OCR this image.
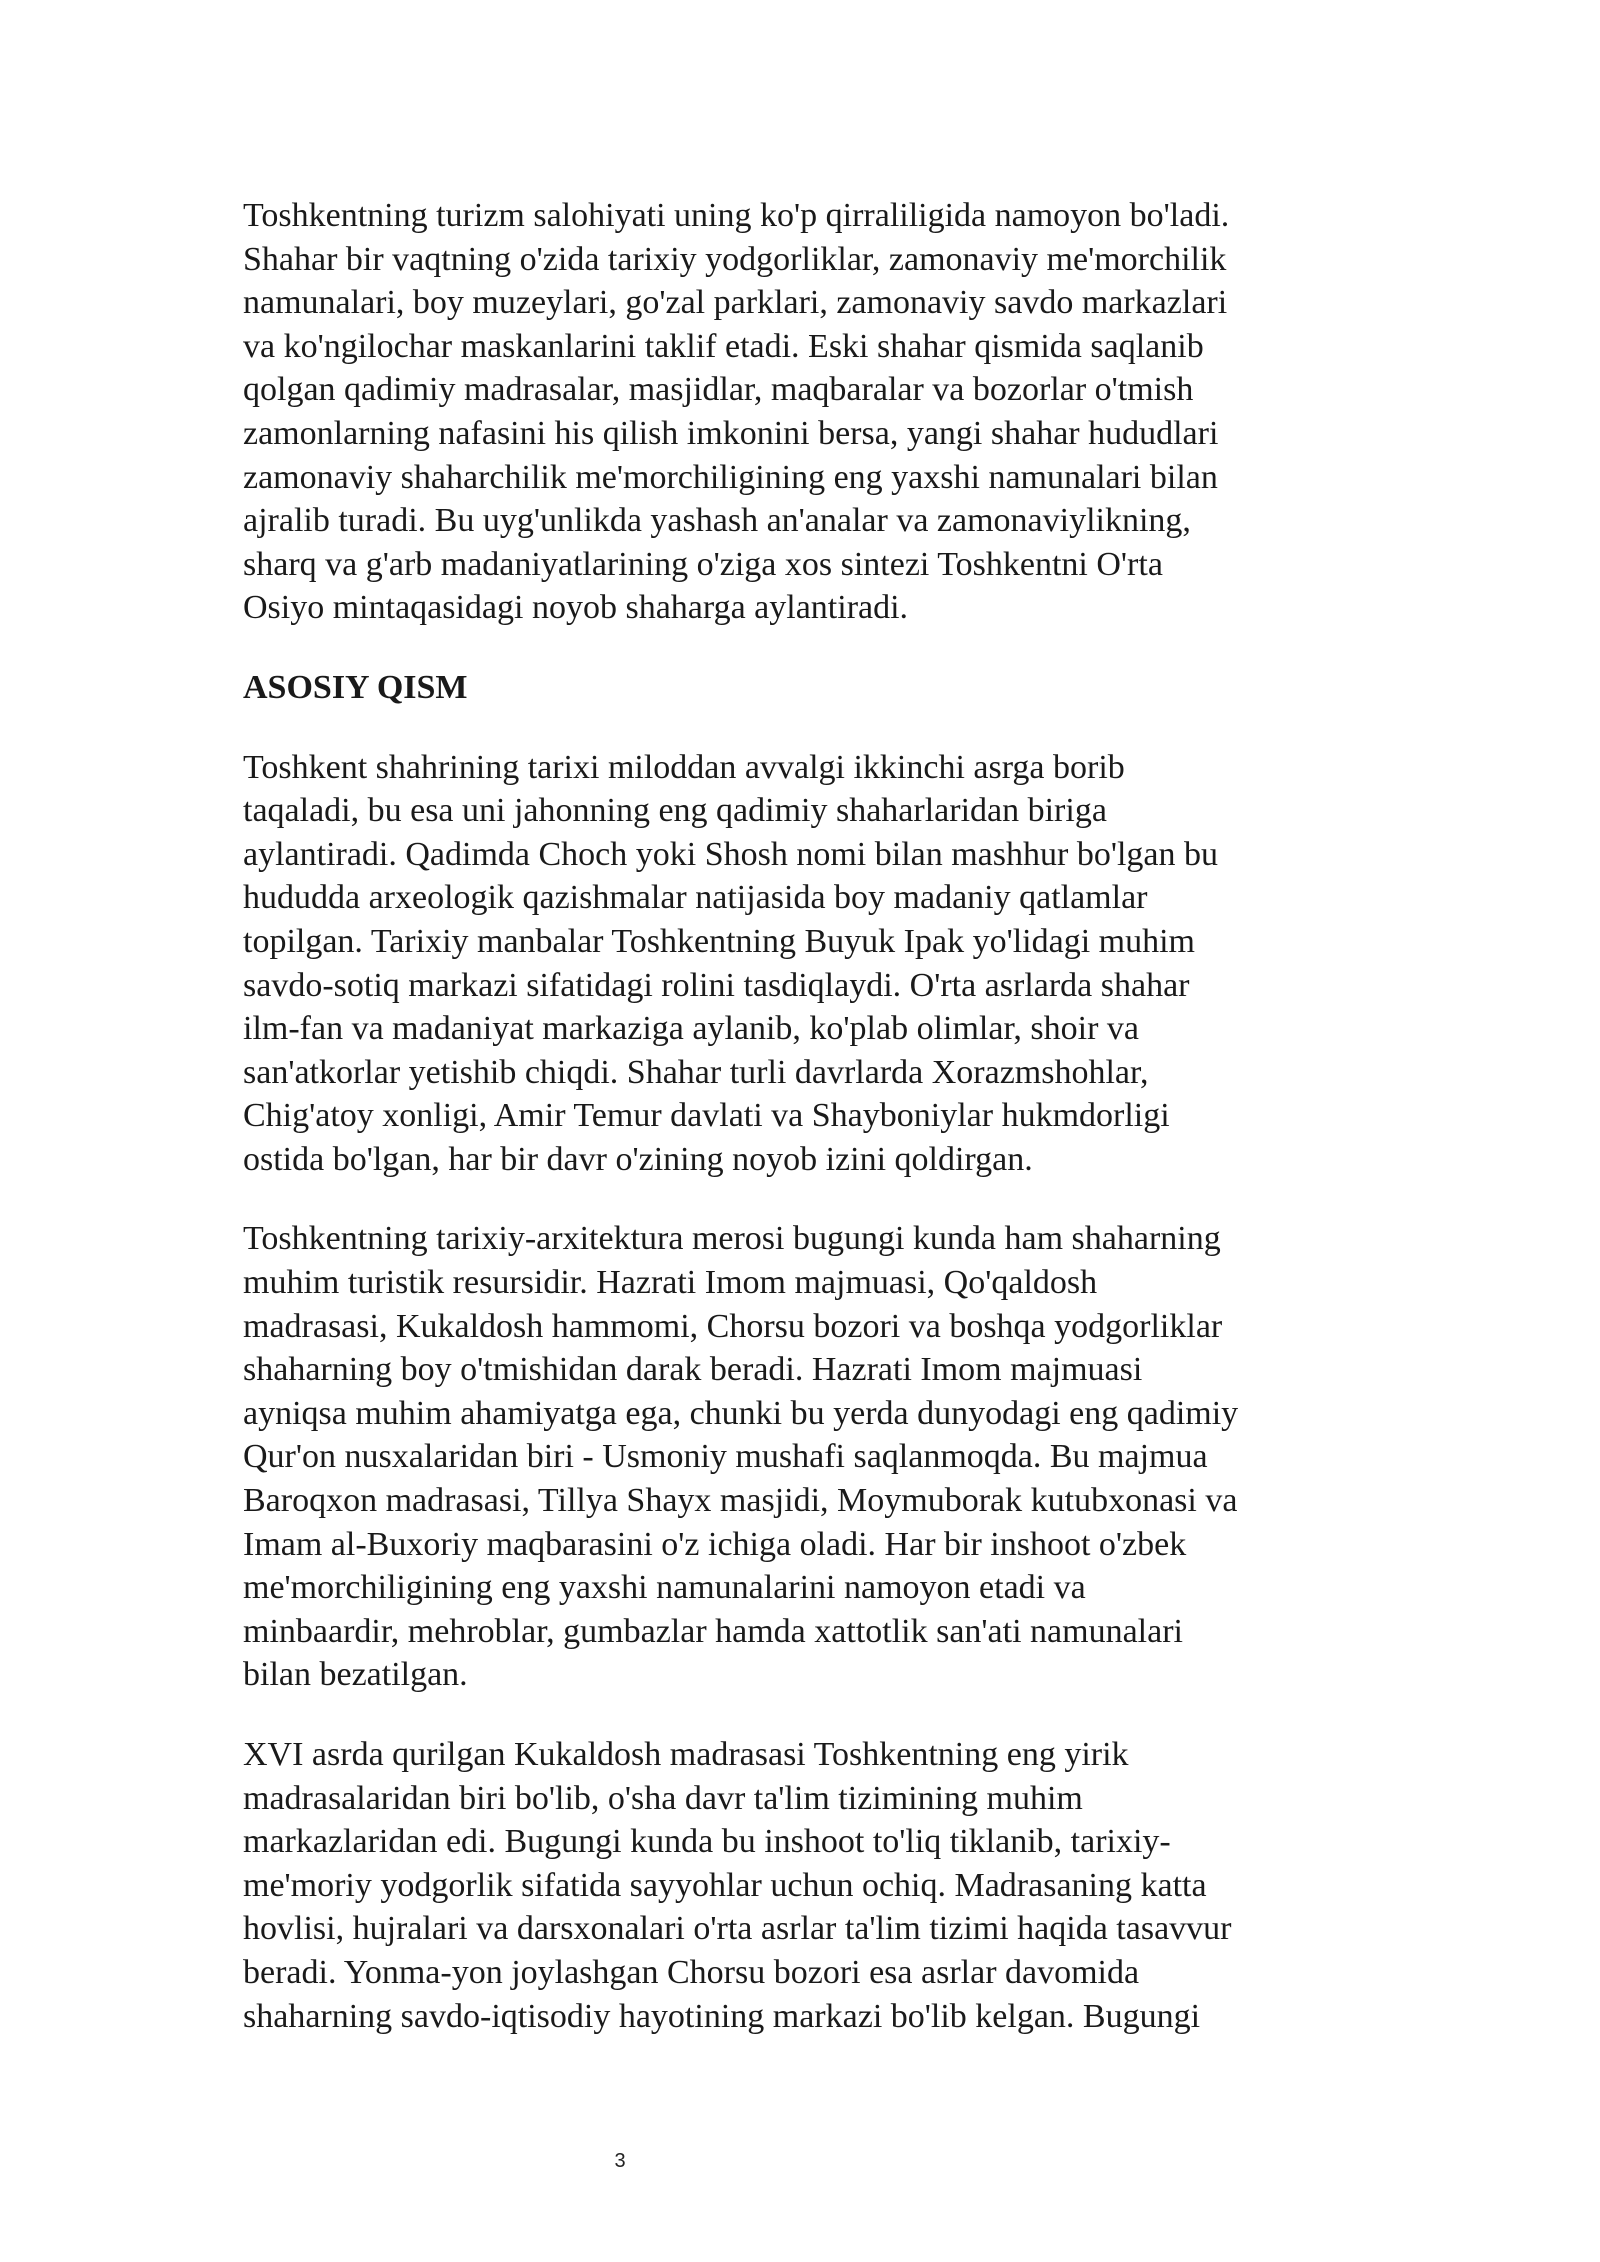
Toshkentning turizm salohiyati uning ko'p qirraliligida namoyon bo'ladi.
Shahar bir vaqtning o'zida tarixiy yodgorliklar, zamonaviy me'morchilik
namunalari, boy muzeylari, go'zal parklari, zamonaviy savdo markazlari
va ko'ngilochar maskanlarini taklif etadi. Eski shahar qismida saqlanib
qolgan qadimiy madrasalar, masjidlar, maqbaralar va bozorlar o'tmish
zamonlarning nafasini his qilish imkonini bersa, yangi shahar hududlari
zamonaviy shaharchilik me'morchiligining eng yaxshi namunalari bilan
ajralib turadi. Bu uyg'unlikda yashash an'analar va zamonaviylikning,
sharq va g'arb madaniyatlarining o'ziga xos sintezi Toshkentni O'rta
Osiyo mintaqasidagi noyob shaharga aylantiradi.

ASOSIY QISM

Toshkent shahrining tarixi miloddan avvalgi ikkinchi asrga borib
taqaladi, bu esa uni jahonning eng qadimiy shaharlaridan biriga
aylantiradi. Qadimda Choch yoki Shosh nomi bilan mashhur bo'lgan bu
hududda arxeologik qazishmalar natijasida boy madaniy qatlamlar
topilgan. Tarixiy manbalar Toshkentning Buyuk Ipak yo'lidagi muhim
savdo-sotiq markazi sifatidagi rolini tasdiqlaydi. O'rta asrlarda shahar
ilm-fan va madaniyat markaziga aylanib, ko'plab olimlar, shoir va
san'atkorlar yetishib chiqdi. Shahar turli davrlarda Xorazmshohlar,
Chig'atoy xonligi, Amir Temur davlati va Shayboniylar hukmdorligi
ostida bo'lgan, har bir davr o'zining noyob izini qoldirgan.

Toshkentning tarixiy-arxitektura merosi bugungi kunda ham shaharning
muhim turistik resursidir. Hazrati Imom majmuasi, Qo'qaldosh
madrasasi, Kukaldosh hammomi, Chorsu bozori va boshqa yodgorliklar
shaharning boy o'tmishidan darak beradi. Hazrati Imom majmuasi
ayniqsa muhim ahamiyatga ega, chunki bu yerda dunyodagi eng qadimiy
Qur'on nusxalaridan biri - Usmoniy mushafi saqlanmoqda. Bu majmua
Baroqxon madrasasi, Tillya Shayx masjidi, Moymuborak kutubxonasi va
Imam al-Buxoriy maqbarasini o'z ichiga oladi. Har bir inshoot o'zbek
me'morchiligining eng yaxshi namunalarini namoyon etadi va
minbaardir, mehroblar, gumbazlar hamda xattotlik san'ati namunalari
bilan bezatilgan.

XVI asrda qurilgan Kukaldosh madrasasi Toshkentning eng yirik
madrasalaridan biri bo'lib, o'sha davr ta'lim tizimining muhim
markazlaridan edi. Bugungi kunda bu inshoot to'liq tiklanib, tarixiy-
me'moriy yodgorlik sifatida sayyohlar uchun ochiq. Madrasaning katta
hovlisi, hujralari va darsxonalari o'rta asrlar ta'lim tizimi haqida tasavvur
beradi. Yonma-yon joylashgan Chorsu bozori esa asrlar davomida
shaharning savdo-iqtisodiy hayotining markazi bo'lib kelgan. Bugungi

3
